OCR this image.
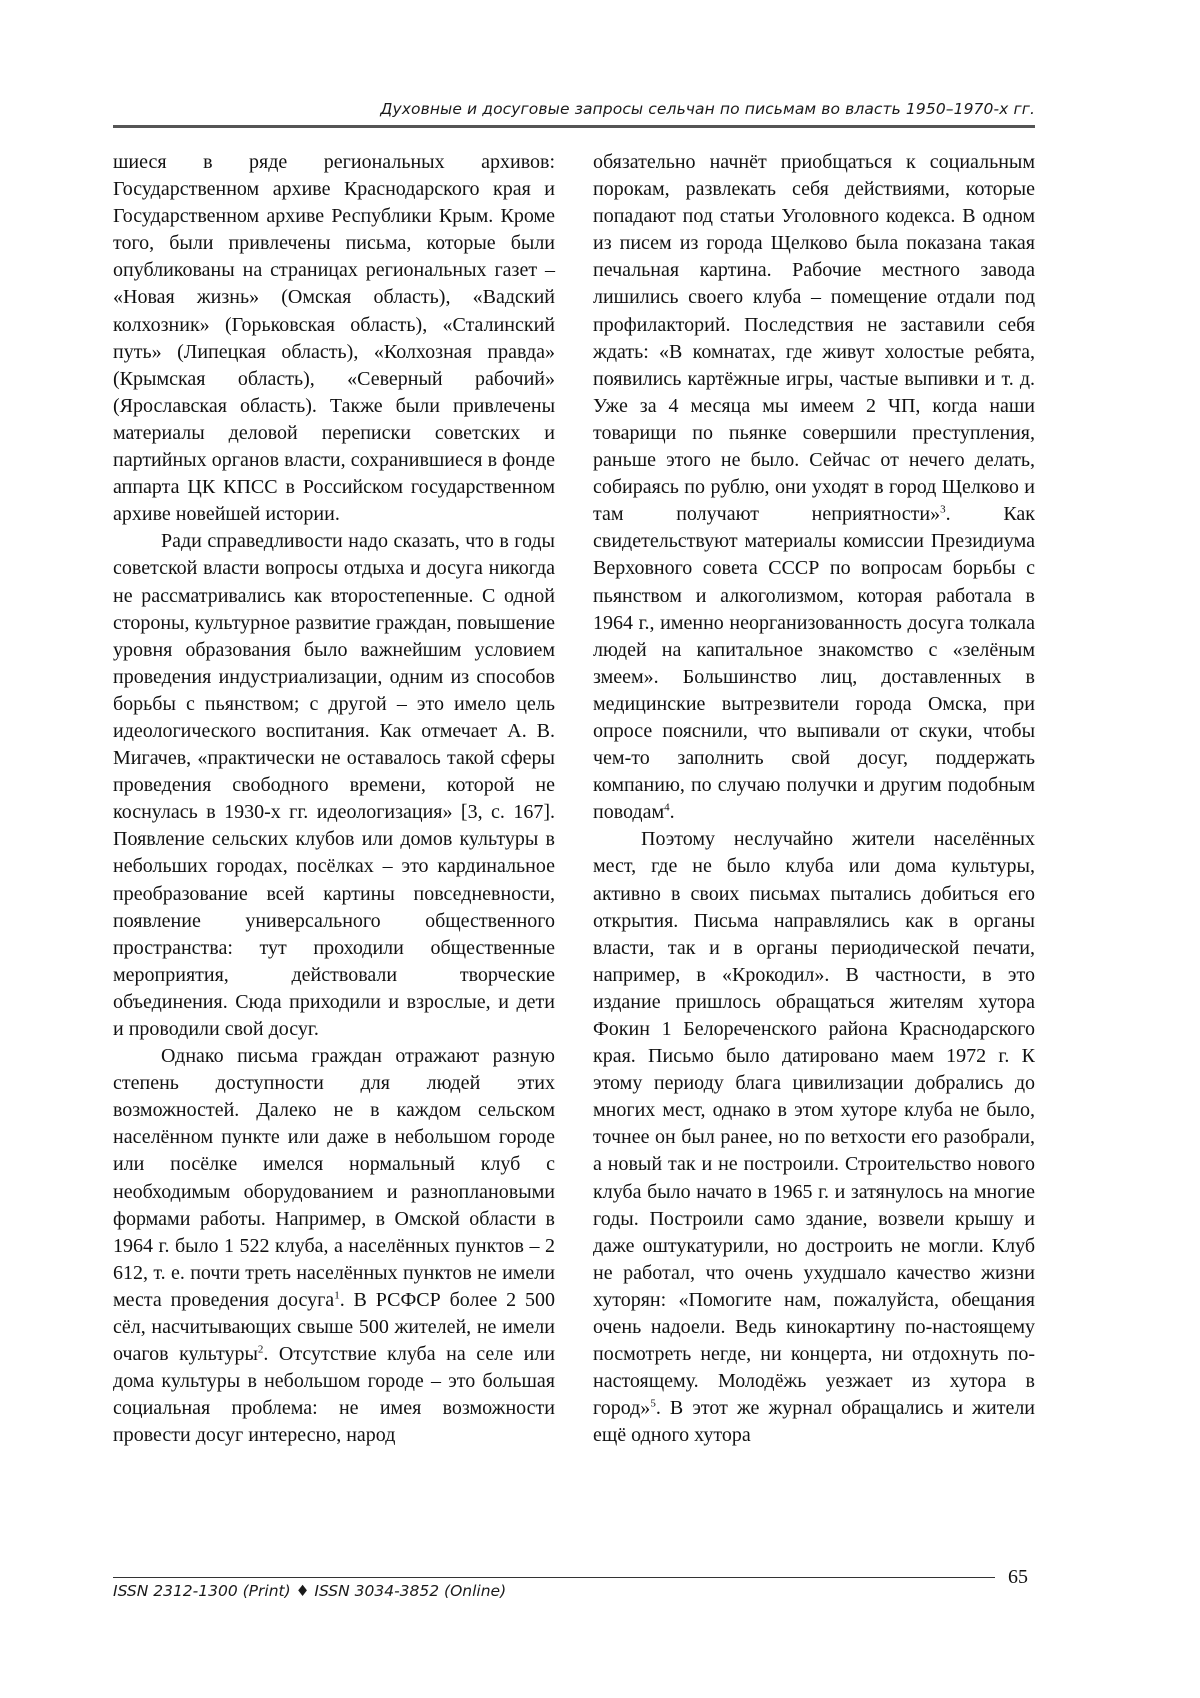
Духовные и досуговые запросы сельчан по письмам во власть 1950–1970-х гг.

шиеся в ряде региональных архивов: Государственном архиве Краснодарского края и Государственном архиве Республики Крым. Кроме того, были привлечены письма, которые были опубликованы на страницах региональных газет – «Новая жизнь» (Омская область), «Вадский колхозник» (Горьковская область), «Сталинский путь» (Липецкая область), «Колхозная правда» (Крымская область), «Северный рабочий» (Ярославская область). Также были привлечены материалы деловой переписки советских и партийных органов власти, сохранившиеся в фонде аппарта ЦК КПСС в Российском государственном архиве новейшей истории.

Ради справедливости надо сказать, что в годы советской власти вопросы отдыха и досуга никогда не рассматривались как второстепенные. С одной стороны, культурное развитие граждан, повышение уровня образования было важнейшим условием проведения индустриализации, одним из способов борьбы с пьянством; с другой – это имело цель идеологического воспитания. Как отмечает А. В. Мигачев, «практически не оставалось такой сферы проведения свободного времени, которой не коснулась в 1930-х гг. идеологизация» [3, с. 167]. Появление сельских клубов или домов культуры в небольших городах, посёлках – это кардинальное преобразование всей картины повседневности, появление универсального общественного пространства: тут проходили общественные мероприятия, действовали творческие объединения. Сюда приходили и взрослые, и дети и проводили свой досуг.

Однако письма граждан отражают разную степень доступности для людей этих возможностей. Далеко не в каждом сельском населённом пункте или даже в небольшом городе или посёлке имелся нормальный клуб с необходимым оборудованием и разноплановыми формами работы. Например, в Омской области в 1964 г. было 1 522 клуба, а населённых пунктов – 2 612, т. е. почти треть населённых пунктов не имели места проведения досуга$^1$. В РСФСР более 2 500 сёл, насчитывающих свыше 500 жителей, не имели очагов культуры$^2$. Отсутствие клуба на селе или дома культуры в небольшом городе – это большая социальная проблема: не имея возможности провести досуг интересно, народ

обязательно начнёт приобщаться к социальным порокам, развлекать себя действиями, которые попадают под статьи Уголовного кодекса. В одном из писем из города Щелково была показана такая печальная картина. Рабочие местного завода лишились своего клуба – помещение отдали под профилакторий. Последствия не заставили себя ждать: «В комнатах, где живут холостые ребята, появились картёжные игры, частые выпивки и т. д. Уже за 4 месяца мы имеем 2 ЧП, когда наши товарищи по пьянке совершили преступления, раньше этого не было. Сейчас от нечего делать, собираясь по рублю, они уходят в город Щелково и там получают неприятности»$^3$. Как свидетельствуют материалы комиссии Президиума Верховного совета СССР по вопросам борьбы с пьянством и алкоголизмом, которая работала в 1964 г., именно неорганизованность досуга толкала людей на капитальное знакомство с «зелёным змеем». Большинство лиц, доставленных в медицинские вытрезвители города Омска, при опросе пояснили, что выпивали от скуки, чтобы чем-то заполнить свой досуг, поддержать компанию, по случаю получки и другим подобным поводам$^4$.

Поэтому неслучайно жители населённых мест, где не было клуба или дома культуры, активно в своих письмах пытались добиться его открытия. Письма направлялись как в органы власти, так и в органы периодической печати, например, в «Крокодил». В частности, в это издание пришлось обращаться жителям хутора Фокин 1 Белореченского района Краснодарского края. Письмо было датировано маем 1972 г. К этому периоду блага цивилизации добрались до многих мест, однако в этом хуторе клуба не было, точнее он был ранее, но по ветхости его разобрали, а новый так и не построили. Строительство нового клуба было начато в 1965 г. и затянулось на многие годы. Построили само здание, возвели крышу и даже оштукатурили, но достроить не могли. Клуб не работал, что очень ухудшало качество жизни хуторян: «Помогите нам, пожалуйста, обещания очень надоели. Ведь кинокартину по-настоящему посмотреть негде, ни концерта, ни отдохнуть по-настоящему. Молодёжь уезжает из хутора в город»$^5$. В этот же журнал обращались и жители ещё одного хутора

ISSN 2312-1300 (Print) ♦ ISSN 3034-3852 (Online)
65
